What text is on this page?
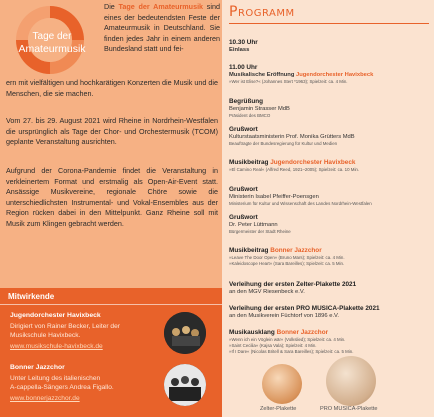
Tage der
Amateurmusik
Die Tage der Amateurmusik sind eines der bedeutendsten Feste der Amateurmusik in Deutschland. Sie finden jedes Jahr in einem anderen Bundesland statt und fei-
ern mit vielfältigen und hochkarätigen Konzerten die Musik und die Menschen, die sie machen.
Vom 27. bis 29. August 2021 wird Rheine in Nordrhein-Westfalen die ursprünglich als Tage der Chor- und Orchestermusik (TCOM) geplante Veranstaltung ausrichten.
Aufgrund der Corona-Pandemie findet die Veranstaltung in verkleinertem Format und erstmalig als Open-Air-Event statt. Ansässige Musikvereine, regionale Chöre sowie die unterschiedlichsten Instrumental- und Vokal-Ensembles aus der Region rücken dabei in den Mittelpunkt. Ganz Rheine soll mit Musik zum Klingen gebracht werden.
Mitwirkende
Jugendorchester Havixbeck
Dirigiert von Rainer Becker, Leiter der
Musikschule Havixbeck.
www.musikschule-havixbeck.de
Bonner Jazzchor
Unter Leitung des italienischen
A-cappella-Sängers Andrea Figallo.
www.bonnerjazzchor.de
Programm
10.30 Uhr
Einlass
11.00 Uhr
Musikalische Eröffnung Jugendorchester Havixbeck
»Wer ist Elise?« (Johannes Stert *1963); Spielzeit: ca. 4 Min.
Begrüßung
Benjamin Strasser MdB
Präsident des BMCO
Grußwort
Kulturstaatsministerin Prof. Monika Grütters MdB
Beauftragte der Bundesregierung für Kultur und Medien
Musikbeitrag Jugendorchester Havixbeck
»El Camino Real« (Alfred Reed, 1921–2005); Spielzeit: ca. 10 Min.
Grußwort
Ministerin Isabel Pfeiffer-Poensgen
Ministerium für Kultur und Wissenschaft des Landes Nordrhein-Westfalen
Grußwort
Dr. Peter Lüttmann
Bürgermeister der Stadt Rheine
Musikbeitrag Bonner Jazzchor
»Leave The Door Open« (Bruno Mars); Spielzeit: ca. 4 Min.
»Kaleidoscope Heart« (Sara Bareilles); Spielzeit: ca. 5 Min.
Verleihung der ersten Zelter-Plakette 2021
an den MGV Riesenbeck e.V.
Verleihung der ersten PRO MUSICA-Plakette 2021
an den Musikverein Füchtorf von 1896 e.V.
Musikausklang Bonner Jazzchor
»Wenn ich ein Vöglein wär« (Volkslied); Spielzeit: ca. 4 Min.
»Saint Cecilia« (Kajsa Vala); Spielzeit: 4 Min.
»If I Dare« (Nicolas Britell & Sara Bareilles); Spielzeit: ca. 5 Min.
Zelter-Plakette	PRO MUSICA-Plakette
